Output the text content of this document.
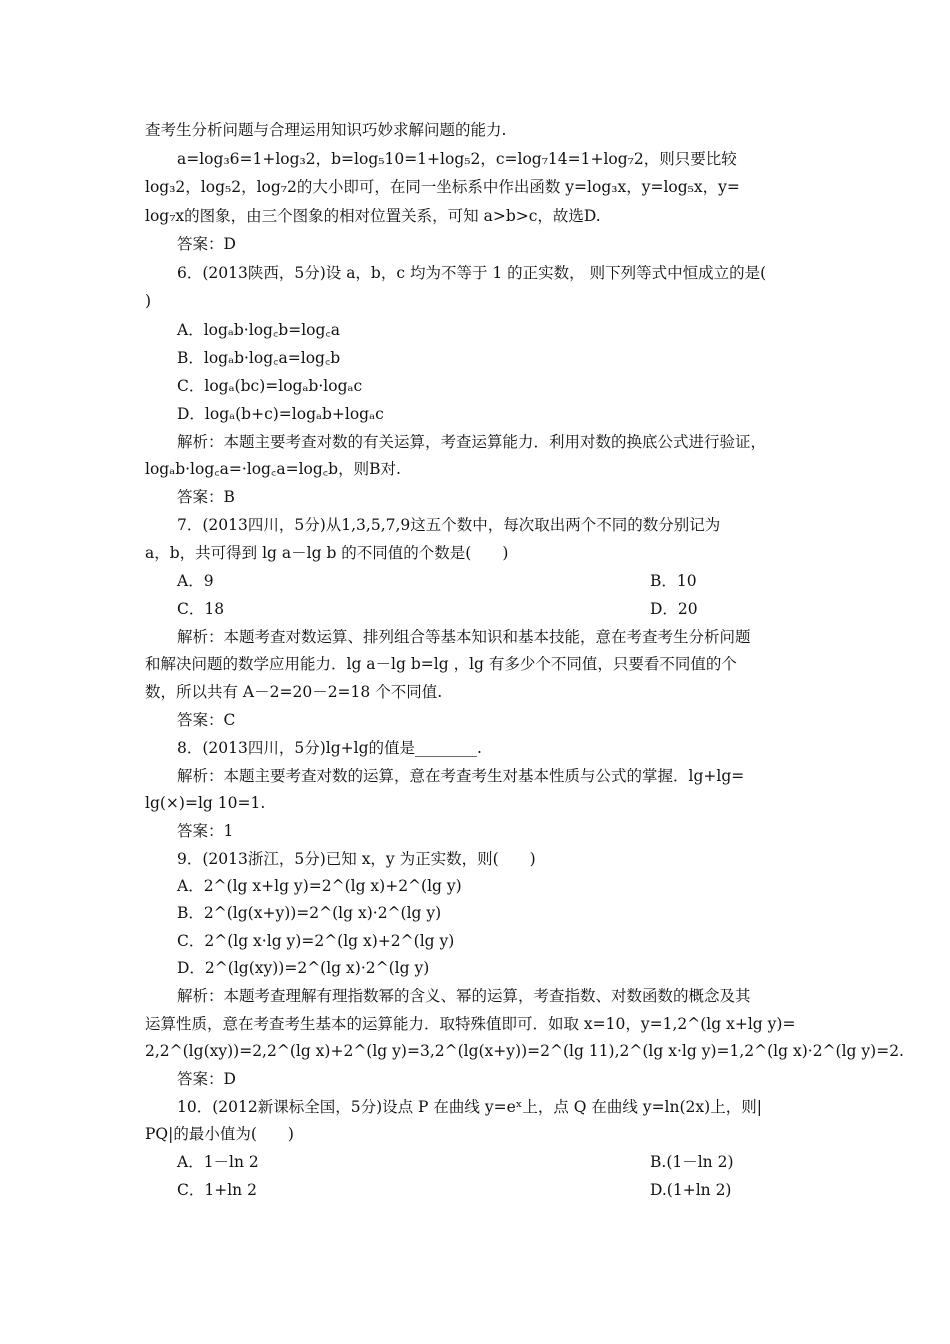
查考生分析问题与合理运用知识巧妙求解问题的能力.
a=log₃6=1+log₃2，b=log₅10=1+log₅2，c=log₇14=1+log₇2，则只要比较
log₃2，log₅2，log₇2的大小即可，在同一坐标系中作出函数 y=log₃x，y=log₅x，y=
log₇x的图象，由三个图象的相对位置关系，可知 a>b>c，故选D.
答案：D
6．(2013陕西，5分)设 a，b，c 均为不等于 1 的正实数， 则下列等式中恒成立的是(
)
A．logₐb·log꜀b=log꜀a
B．logₐb·log꜀a=log꜀b
C．logₐ(bc)=logₐb·logₐc
D．logₐ(b+c)=logₐb+logₐc
解析：本题主要考查对数的有关运算，考查运算能力．利用对数的换底公式进行验证，
logₐb·log꜀a=·log꜀a=log꜀b，则B对.
答案：B
7．(2013四川，5分)从1,3,5,7,9这五个数中，每次取出两个不同的数分别记为
a，b，共可得到 lg a－lg b 的不同值的个数是(　　)
A．9	B．10
C．18	D．20
解析：本题考查对数运算、排列组合等基本知识和基本技能，意在考查考生分析问题
和解决问题的数学应用能力．lg a－lg b=lg ，lg 有多少个不同值，只要看不同值的个
数，所以共有 A－2=20－2=18 个不同值.
答案：C
8．(2013四川，5分)lg+lg的值是________.
解析：本题主要考查对数的运算，意在考查考生对基本性质与公式的掌握．lg+lg=
lg(×)=lg 10=1.
答案：1
9．(2013浙江，5分)已知 x，y 为正实数，则(　　)
A．2^(lg x+lg y)=2^(lg x)+2^(lg y)
B．2^(lg(x+y))=2^(lg x)·2^(lg y)
C．2^(lg x·lg y)=2^(lg x)+2^(lg y)
D．2^(lg(xy))=2^(lg x)·2^(lg y)
解析：本题考查理解有理指数幂的含义、幂的运算，考查指数、对数函数的概念及其
运算性质，意在考查考生基本的运算能力．取特殊值即可．如取 x=10，y=1,2^(lg x+lg y)=
2,2^(lg(xy))=2,2^(lg x)+2^(lg y)=3,2^(lg(x+y))=2^(lg 11),2^(lg x·lg y)=1,2^(lg x)·2^(lg y)=2.
答案：D
10．(2012新课标全国，5分)设点 P 在曲线 y=eˣ上，点 Q 在曲线 y=ln(2x)上，则|
PQ|的最小值为(　　)
A．1－ln 2	B.(1－ln 2)
C．1+ln 2	D.(1+ln 2)
